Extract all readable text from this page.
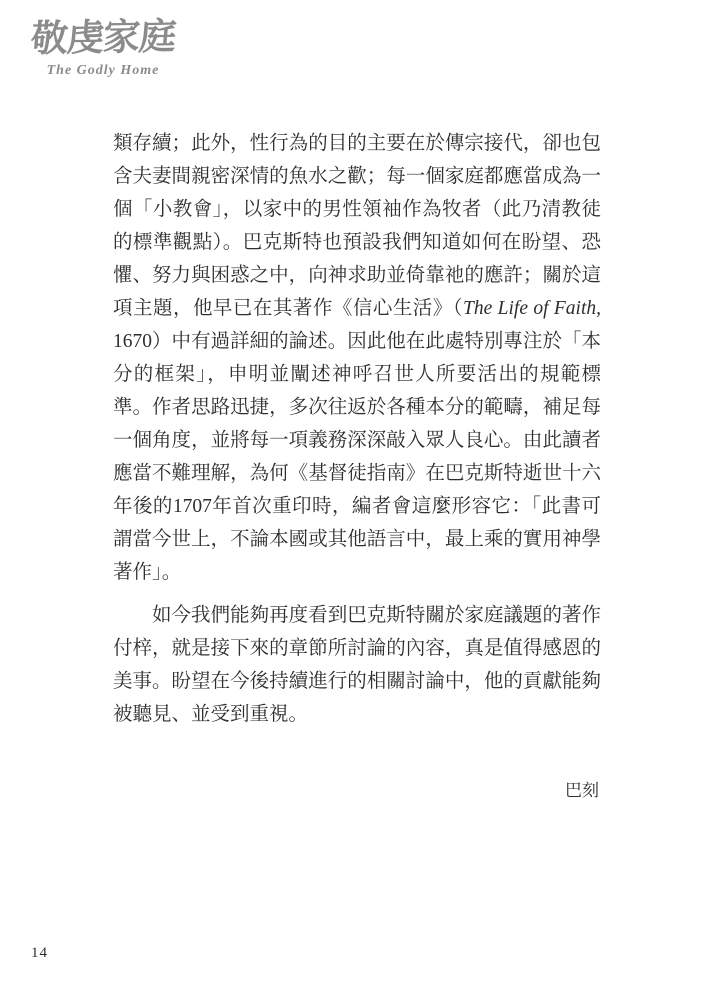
敬虔家庭
The Godly Home

類存續；此外，性行為的目的主要在於傳宗接代，卻也包含夫妻間親密深情的魚水之歡；每一個家庭都應當成為一個「小教會」，以家中的男性領袖作為牧者（此乃清教徒的標準觀點）。巴克斯特也預設我們知道如何在盼望、恐懼、努力與困惑之中，向神求助並倚靠祂的應許；關於這項主題，他早已在其著作《信心生活》（The Life of Faith, 1670）中有過詳細的論述。因此他在此處特別專注於「本分的框架」，申明並闡述神呼召世人所要活出的規範標準。作者思路迅捷，多次往返於各種本分的範疇，補足每一個角度，並將每一項義務深深敲入眾人良心。由此讀者應當不難理解，為何《基督徒指南》在巴克斯特逝世十六年後的1707年首次重印時，編者會這麼形容它：「此書可謂當今世上，不論本國或其他語言中，最上乘的實用神學著作」。

如今我們能夠再度看到巴克斯特關於家庭議題的著作付梓，就是接下來的章節所討論的內容，真是值得感恩的美事。盼望在今後持續進行的相關討論中，他的貢獻能夠被聽見、並受到重視。

巴刻
14
